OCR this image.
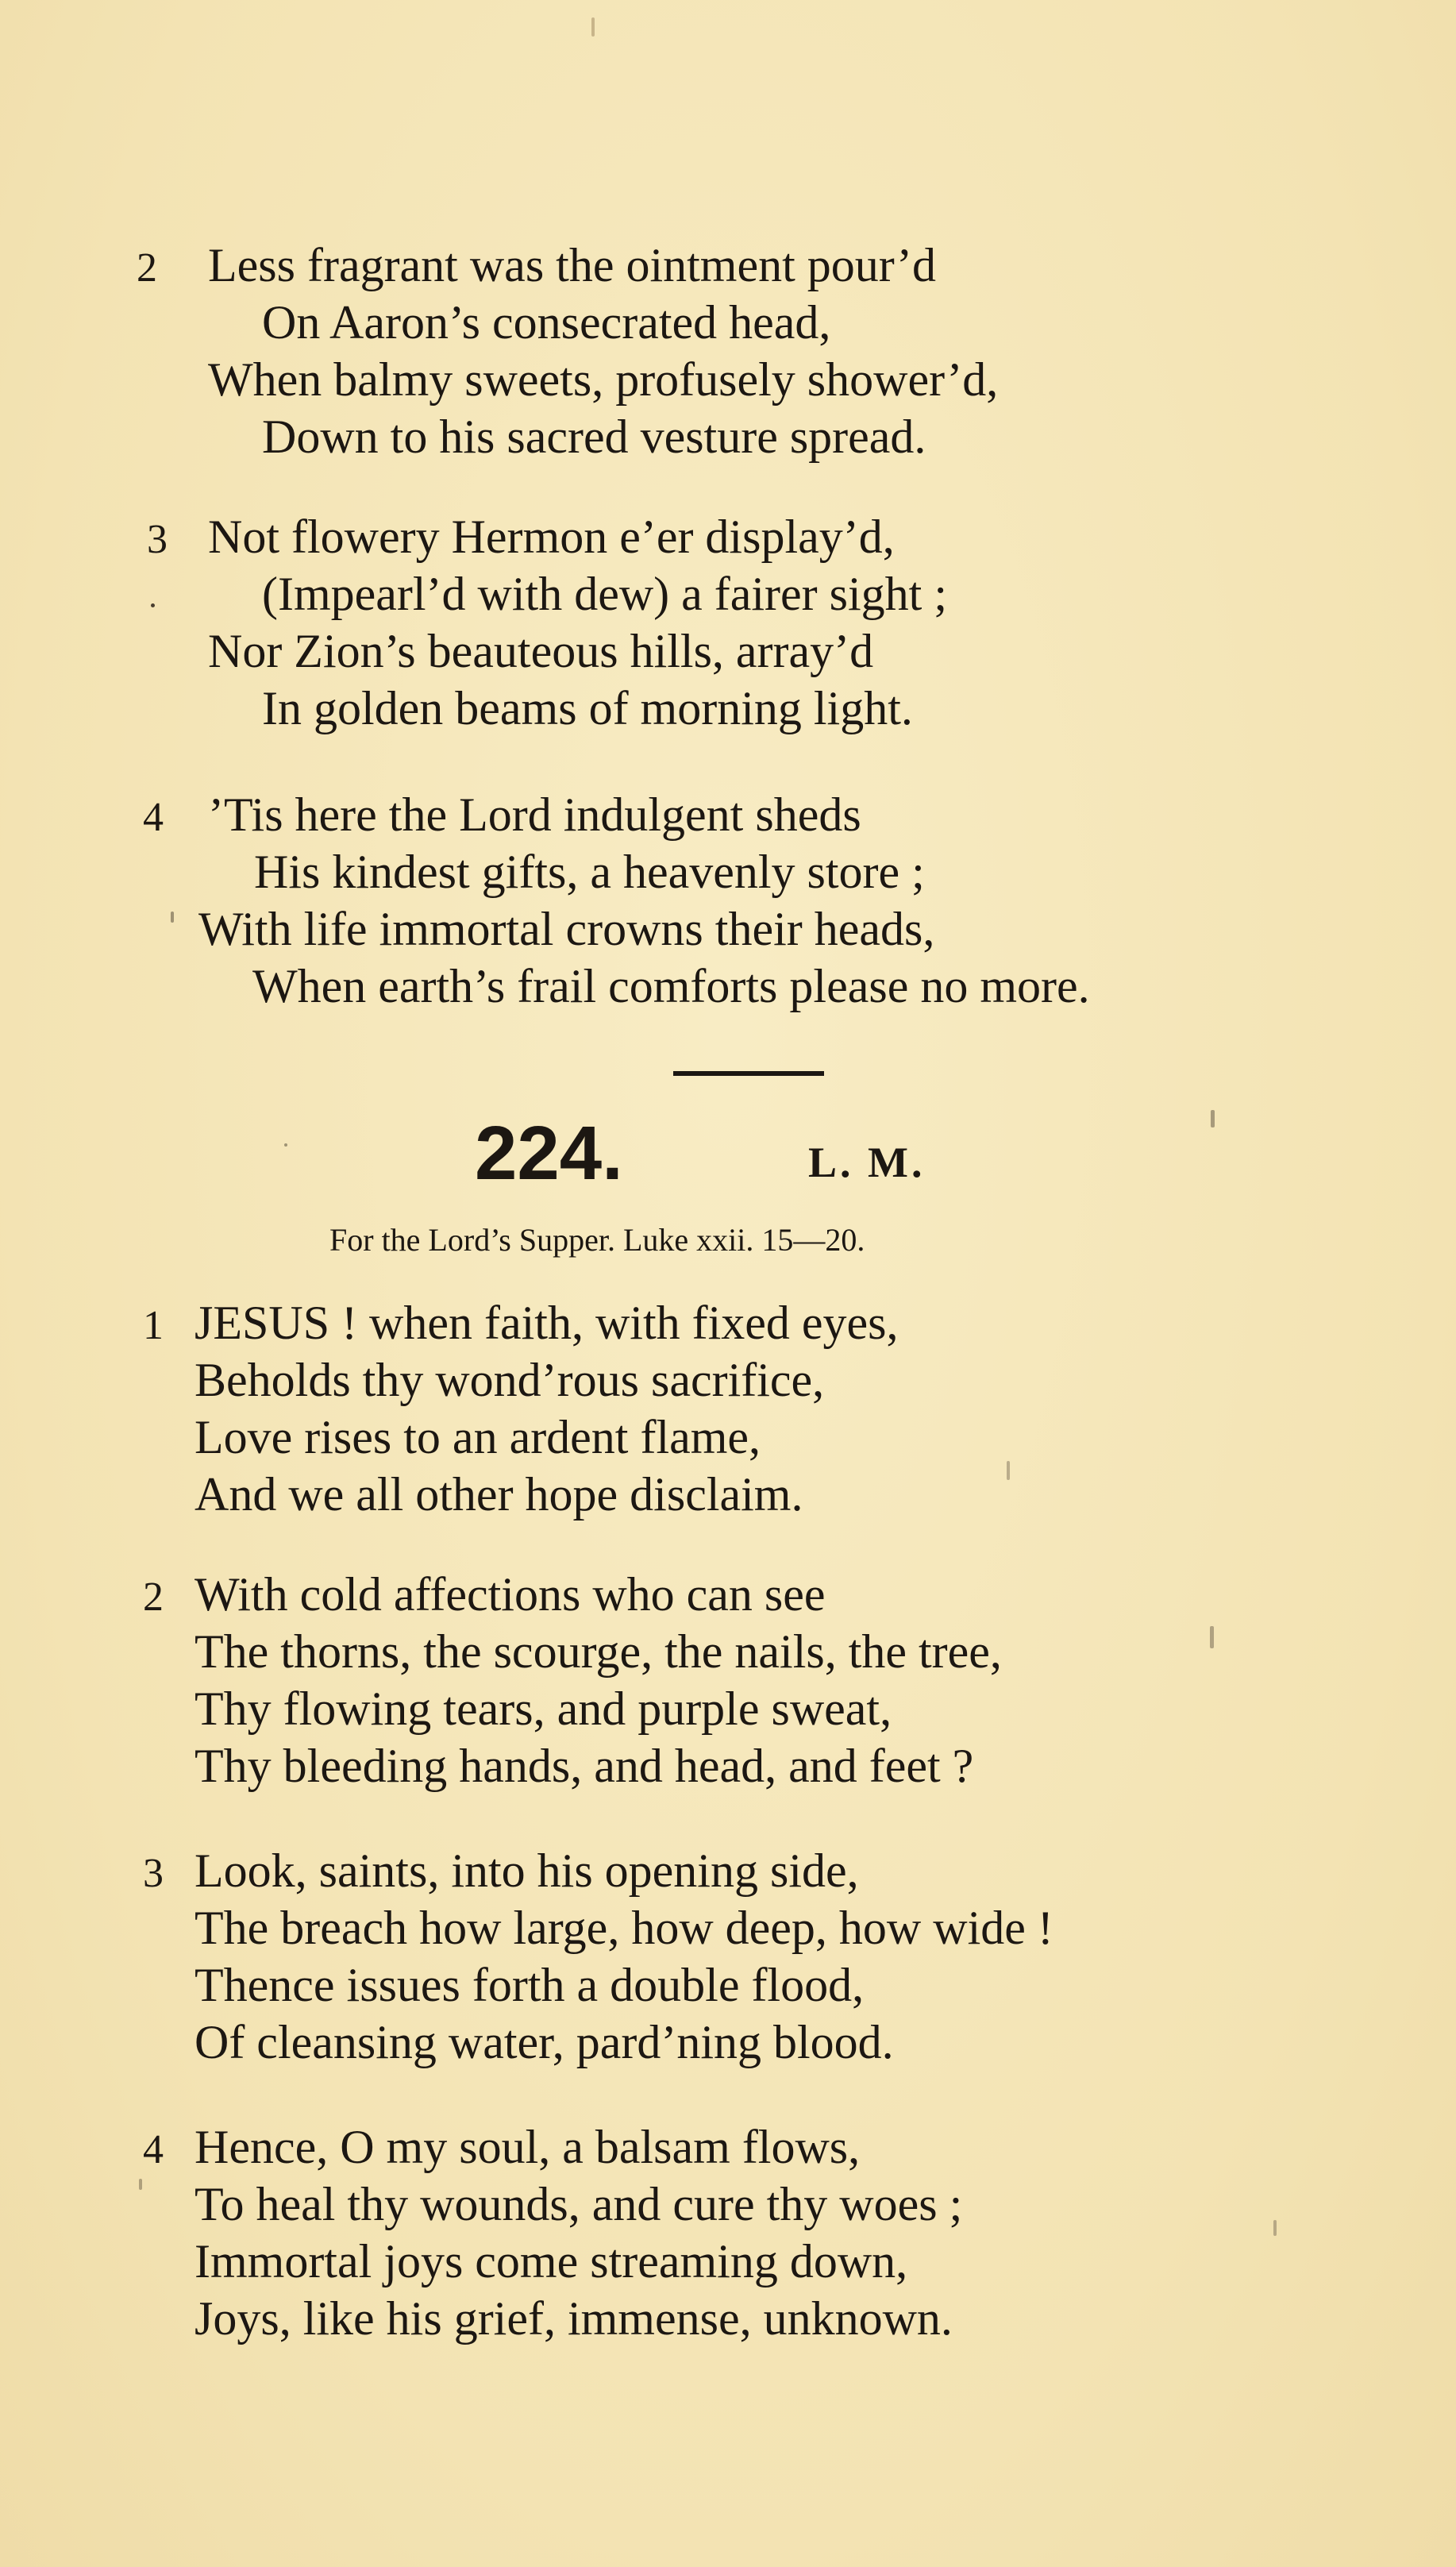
2 Less fragrant was the ointment pour’d
On Aaron’s consecrated head,
When balmy sweets, profusely shower’d,
Down to his sacred vesture spread.
3 Not flowery Hermon e’er display’d,
(Impearl’d with dew) a fairer sight ;
Nor Zion’s beauteous hills, array’d
In golden beams of morning light.
4 ’Tis here the Lord indulgent sheds
His kindest gifts, a heavenly store ;
With life immortal crowns their heads,
When earth’s frail comforts please no more.
224.	L. M.
For the Lord’s Supper. Luke xxii. 15—20.
1 JESUS ! when faith, with fixed eyes,
Beholds thy wond’rous sacrifice,
Love rises to an ardent flame,
And we all other hope disclaim.
2 With cold affections who can see
The thorns, the scourge, the nails, the tree,
Thy flowing tears, and purple sweat,
Thy bleeding hands, and head, and feet ?
3 Look, saints, into his opening side,
The breach how large, how deep, how wide !
Thence issues forth a double flood,
Of cleansing water, pard’ning blood.
4 Hence, O my soul, a balsam flows,
To heal thy wounds, and cure thy woes ;
Immortal joys come streaming down,
Joys, like his grief, immense, unknown.
